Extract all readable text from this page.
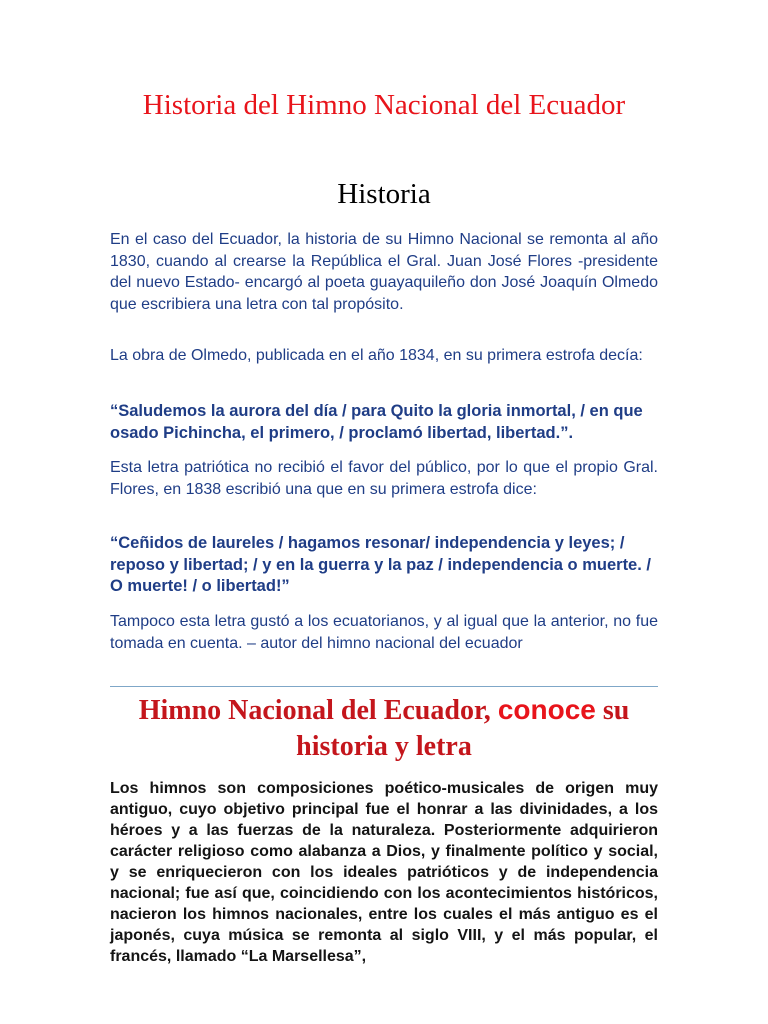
Historia del Himno Nacional del Ecuador
Historia

En el caso del Ecuador, la historia de su Himno Nacional se remonta al año 1830, cuando al crearse la República el Gral. Juan José Flores -presidente del nuevo Estado- encargó al poeta guayaquileño don José Joaquín Olmedo que escribiera una letra con tal propósito.

La obra de Olmedo, publicada en el año 1834, en su primera estrofa decía:

“Saludemos la aurora del día / para Quito la gloria inmortal, / en que osado Pichincha, el primero, / proclamó libertad, libertad.”.

Esta letra patriótica no recibió el favor del público, por lo que el propio Gral. Flores, en 1838 escribió una que en su primera estrofa dice:

“Ceñidos de laureles / hagamos resonar/ independencia y leyes; / reposo y libertad; / y en la guerra y la paz / independencia o muerte. / O muerte! / o libertad!”

Tampoco esta letra gustó a los ecuatorianos, y al igual que la anterior, no fue tomada en cuenta. – autor del himno nacional del ecuador

Himno Nacional del Ecuador, conoce su historia y letra

Los himnos son composiciones poético-musicales de origen muy antiguo, cuyo objetivo principal fue el honrar a las divinidades, a los héroes y a las fuerzas de la naturaleza. Posteriormente adquirieron carácter religioso como alabanza a Dios, y finalmente político y social, y se enriquecieron con los ideales patrióticos y de independencia nacional; fue así que, coincidiendo con los acontecimientos históricos, nacieron los himnos nacionales, entre los cuales el más antiguo es el japonés, cuya música se remonta al siglo VIII, y el más popular, el francés, llamado “La Marsellesa”,
